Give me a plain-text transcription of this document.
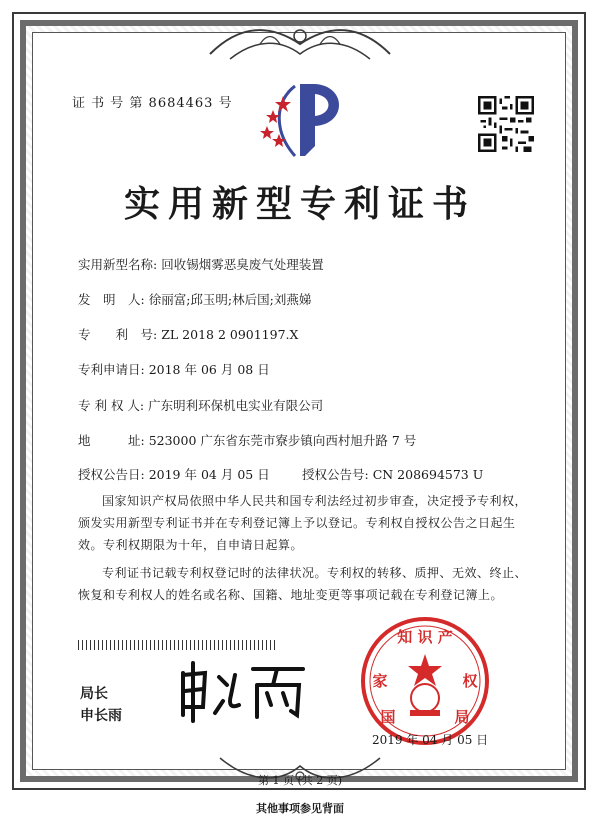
证 书 号 第 8684463 号
实用新型专利证书
实用新型名称: 回收锡烟雾恶臭废气处理装置
发　明　人: 徐丽富;邱玉明;林后国;刘燕娣
专　　利　号: ZL 2018 2 0901197.X
专利申请日: 2018 年 06 月 08 日
专 利 权 人: 广东明利环保机电实业有限公司
地　　　址: 523000 广东省东莞市寮步镇向西村旭升路 7 号
授权公告日: 2019 年 04 月 05 日	授权公告号: CN 208694573 U
国家知识产权局依照中华人民共和国专利法经过初步审查，决定授予专利权，颁发实用新型专利证书并在专利登记簿上予以登记。专利权自授权公告之日起生效。专利权期限为十年，自申请日起算。
专利证书记载专利权登记时的法律状况。专利权的转移、质押、无效、终止、恢复和专利权人的姓名或名称、国籍、地址变更等事项记载在专利登记簿上。
局长
申长雨
知 识 产
家	权
国	局
2019 年 04 月 05 日
第 1 页 (共 2 页)
其他事项参见背面
